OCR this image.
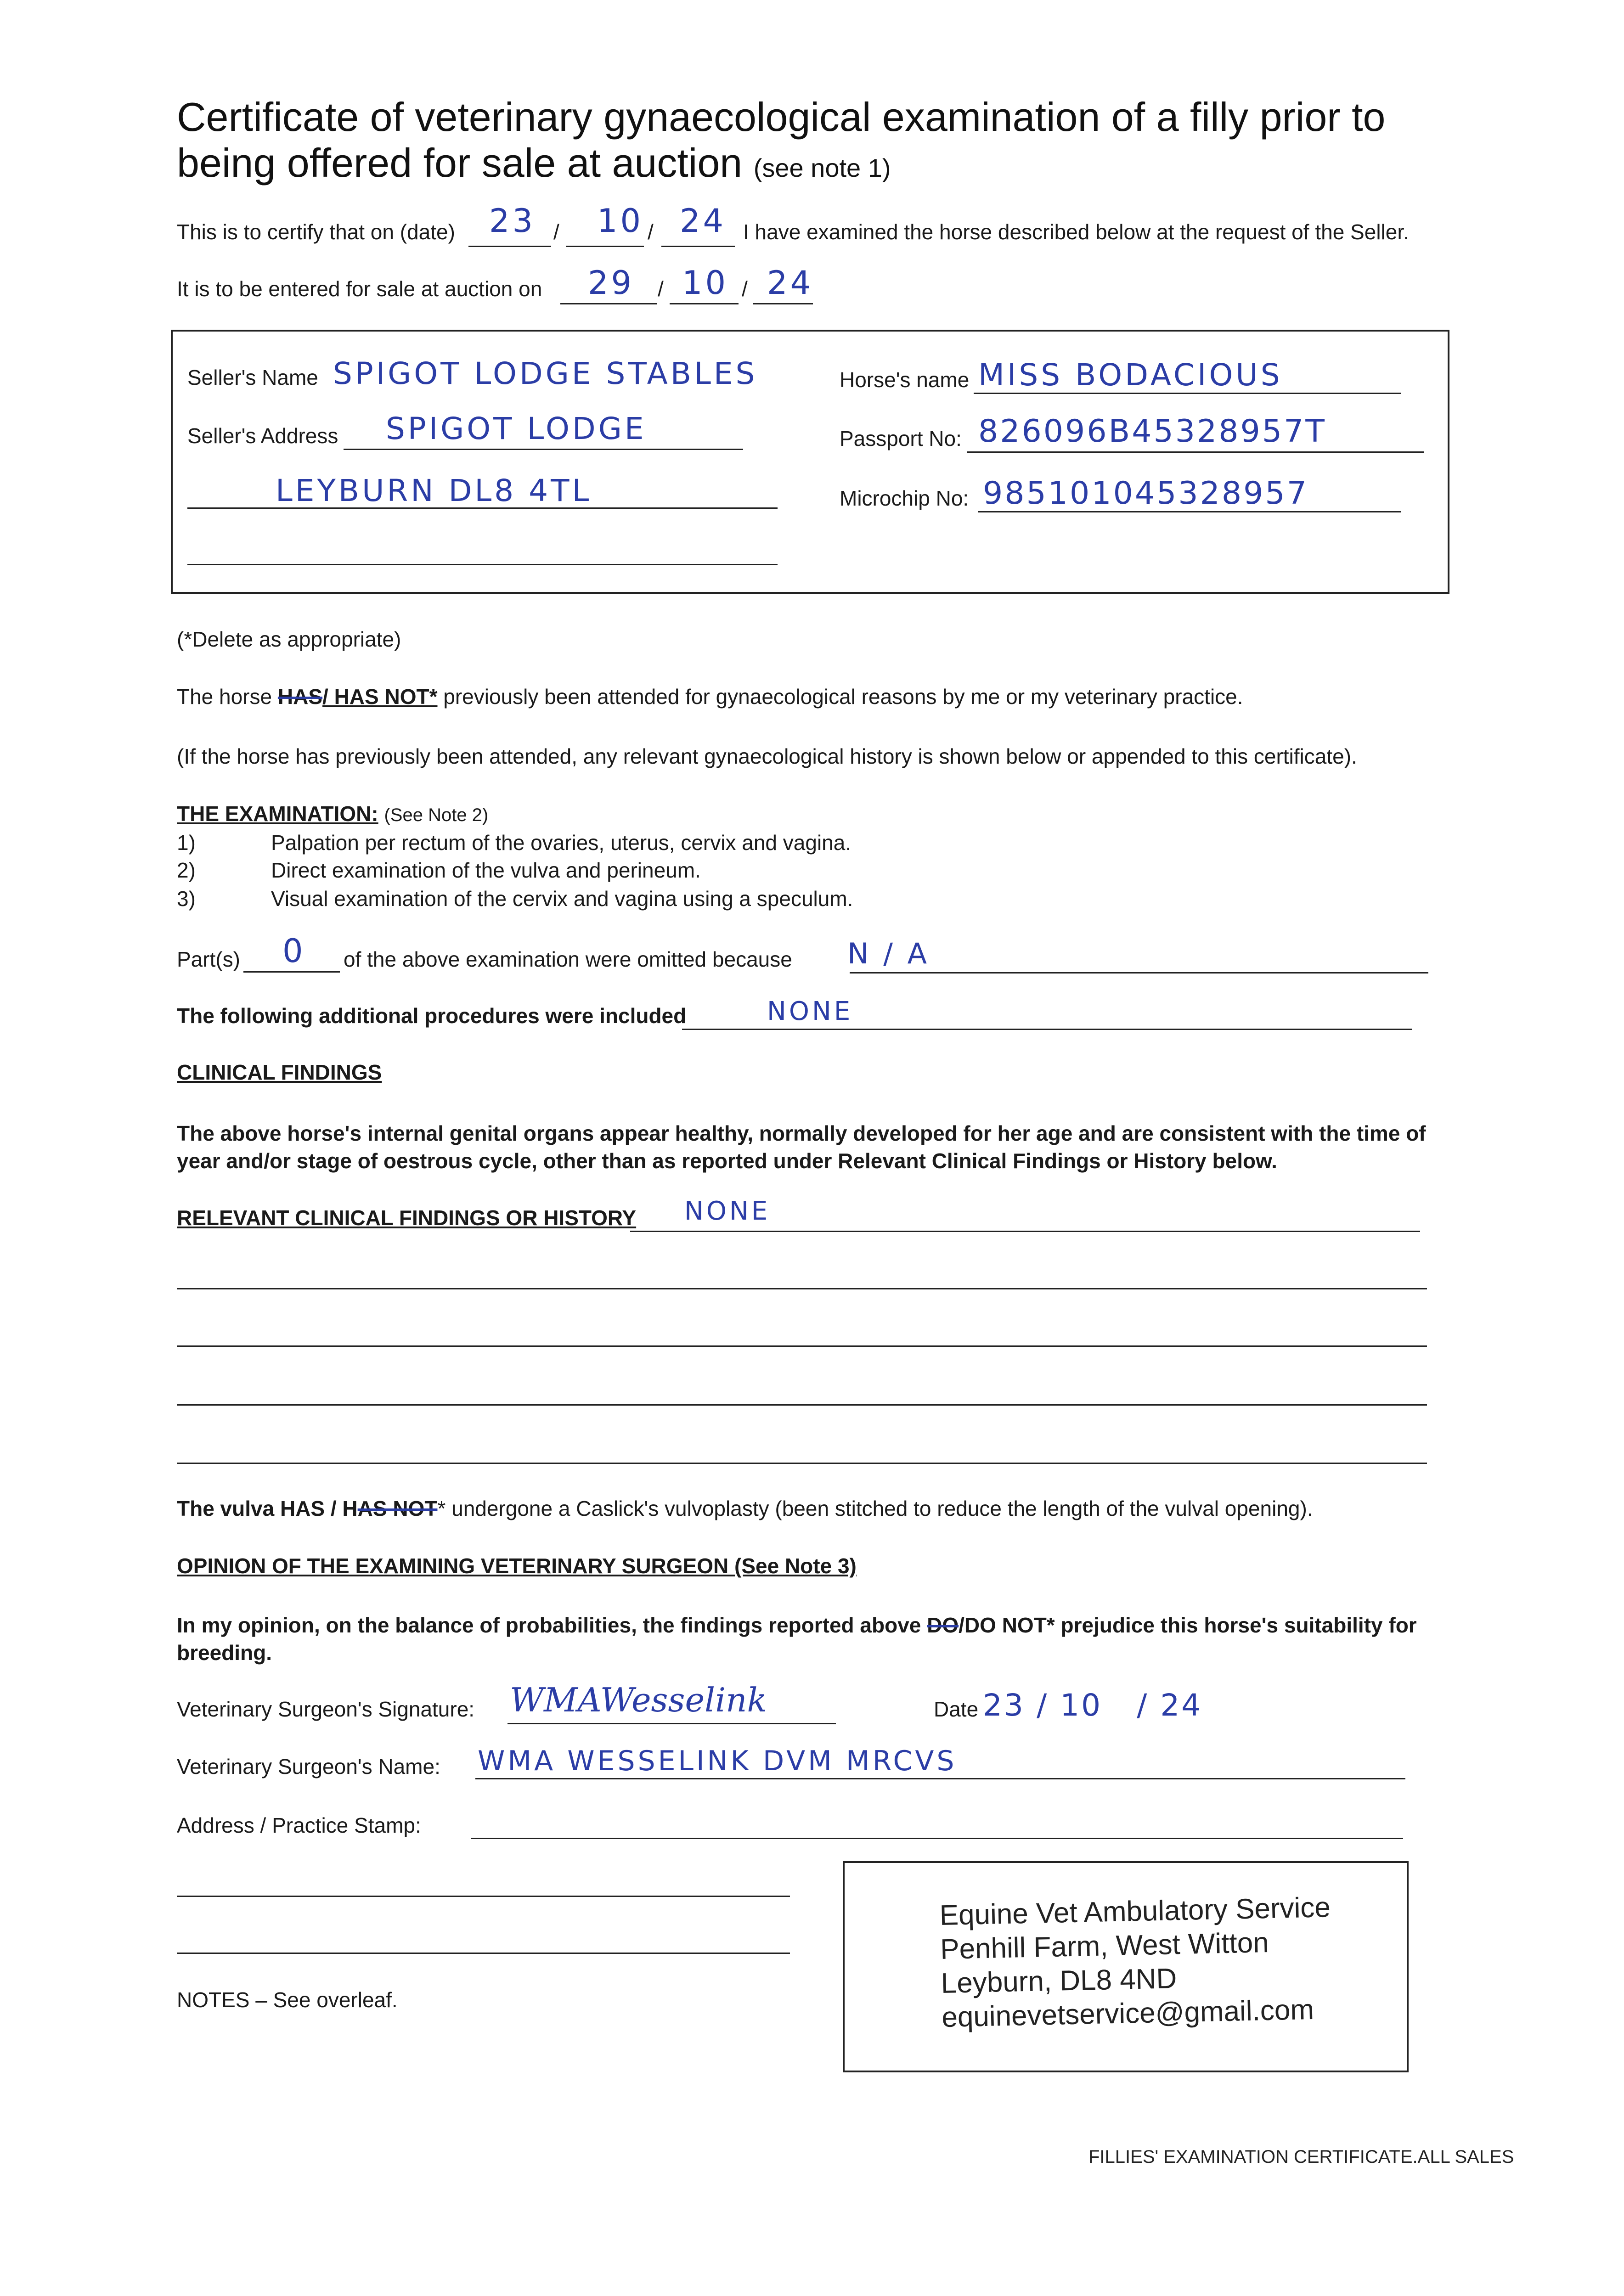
Certificate of veterinary gynaecological examination of a filly prior to being offered for sale at auction (see note 1)
This is to certify that on (date) 23 / 10 / 24 I have examined the horse described below at the request of the Seller.
It is to be entered for sale at auction on 29 / 10 / 24
Seller's Name SPIGOT LODGE STABLES
Seller's Address SPIGOT LODGE
LEYBURN DL8 4TL
Horse's name MISS BODACIOUS
Passport No: 826096B45328957T
Microchip No: 985101045328957
(*Delete as appropriate)
The horse HAS/ HAS NOT* previously been attended for gynaecological reasons by me or my veterinary practice.
(If the horse has previously been attended, any relevant gynaecological history is shown below or appended to this certificate).
THE EXAMINATION: (See Note 2)
1)	Palpation per rectum of the ovaries, uterus, cervix and vagina.
2)	Direct examination of the vulva and perineum.
3)	Visual examination of the cervix and vagina using a speculum.
Part(s) 0 of the above examination were omitted because N / A
The following additional procedures were included	NONE
CLINICAL FINDINGS
The above horse's internal genital organs appear healthy, normally developed for her age and are consistent with the time of year and/or stage of oestrous cycle, other than as reported under Relevant Clinical Findings or History below.
RELEVANT CLINICAL FINDINGS OR HISTORY NONE
The vulva HAS / HAS NOT* undergone a Caslick's vulvoplasty (been stitched to reduce the length of the vulval opening).
OPINION OF THE EXAMINING VETERINARY SURGEON (See Note 3)
In my opinion, on the balance of probabilities, the findings reported above DO/DO NOT* prejudice this horse's suitability for
breeding.
Veterinary Surgeon's Signature: WMAWesselink	Date 23 / 10   / 24
Veterinary Surgeon's Name: WMA WESSELINK DVM MRCVS
Address / Practice Stamp:
Equine Vet Ambulatory Service
Penhill Farm, West Witton
Leyburn, DL8 4ND
equinevetservice@gmail.com
NOTES – See overleaf.
FILLIES' EXAMINATION CERTIFICATE.ALL SALES
